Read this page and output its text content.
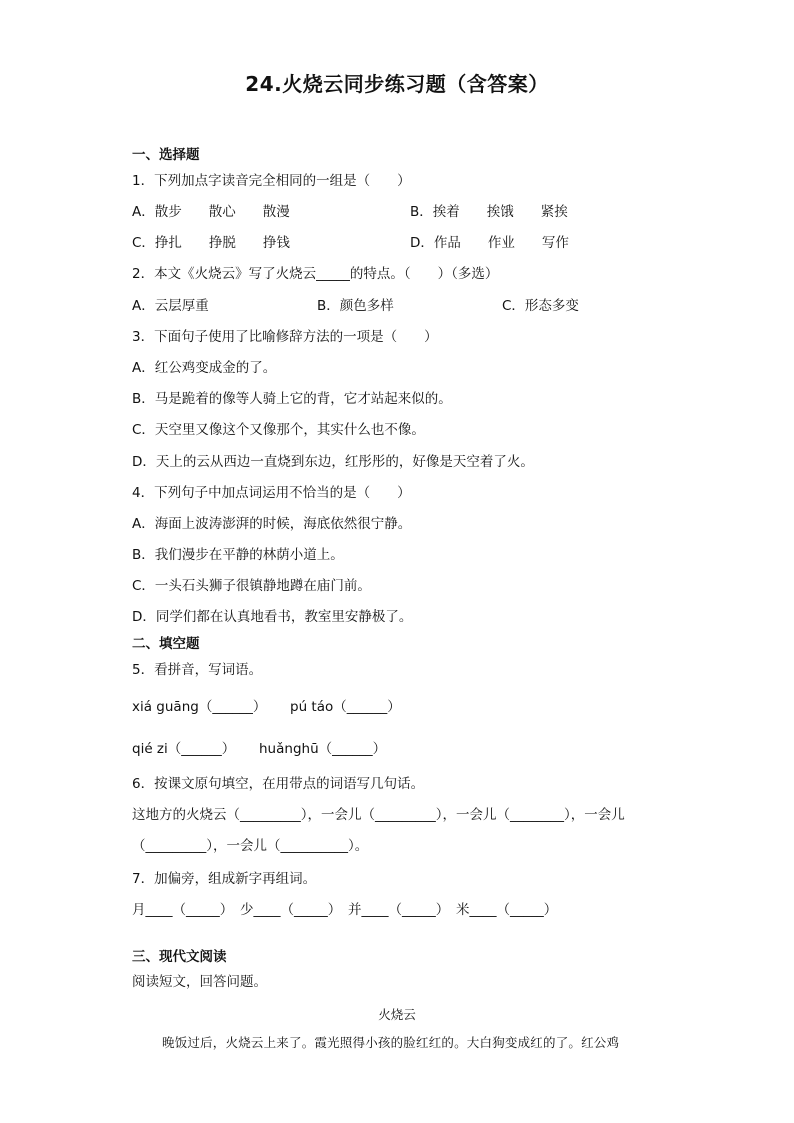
24.火烧云同步练习题（含答案）
一、选择题
1．下列加点字读音完全相同的一组是（　　）
A．散步　　散心　　散漫	B．挨着　　挨饿　　紧挨
C．挣扎　　挣脱　　挣钱	D．作品　　作业　　写作
2．本文《火烧云》写了火烧云_____的特点。（　　）（多选）
A．云层厚重	B．颜色多样	C．形态多变
3．下面句子使用了比喻修辞方法的一项是（　　）
A．红公鸡变成金的了。
B．马是跪着的像等人骑上它的背，它才站起来似的。
C．天空里又像这个又像那个，其实什么也不像。
D．天上的云从西边一直烧到东边，红彤彤的，好像是天空着了火。
4．下列句子中加点词运用不恰当的是（　　）
A．海面上波涛澎湃的时候，海底依然很宁静。
B．我们漫步在平静的林荫小道上。
C．一头石头狮子很镇静地蹲在庙门前。
D．同学们都在认真地看书，教室里安静极了。
二、填空题
5．看拼音，写词语。
xiá guāng（______） pú táo（______）
qié zi（______） huǎnghū（______）
6．按课文原句填空，在用带点的词语写几句话。
这地方的火烧云（_________），一会儿（_________），一会儿（________），一会儿
（_________），一会儿（__________）。
7．加偏旁，组成新字再组词。
月____（_____）　少____（_____）　并____（_____）　米____（_____）
三、现代文阅读
阅读短文，回答问题。
火烧云
晚饭过后，火烧云上来了。霞光照得小孩的脸红红的。大白狗变成红的了。红公鸡
